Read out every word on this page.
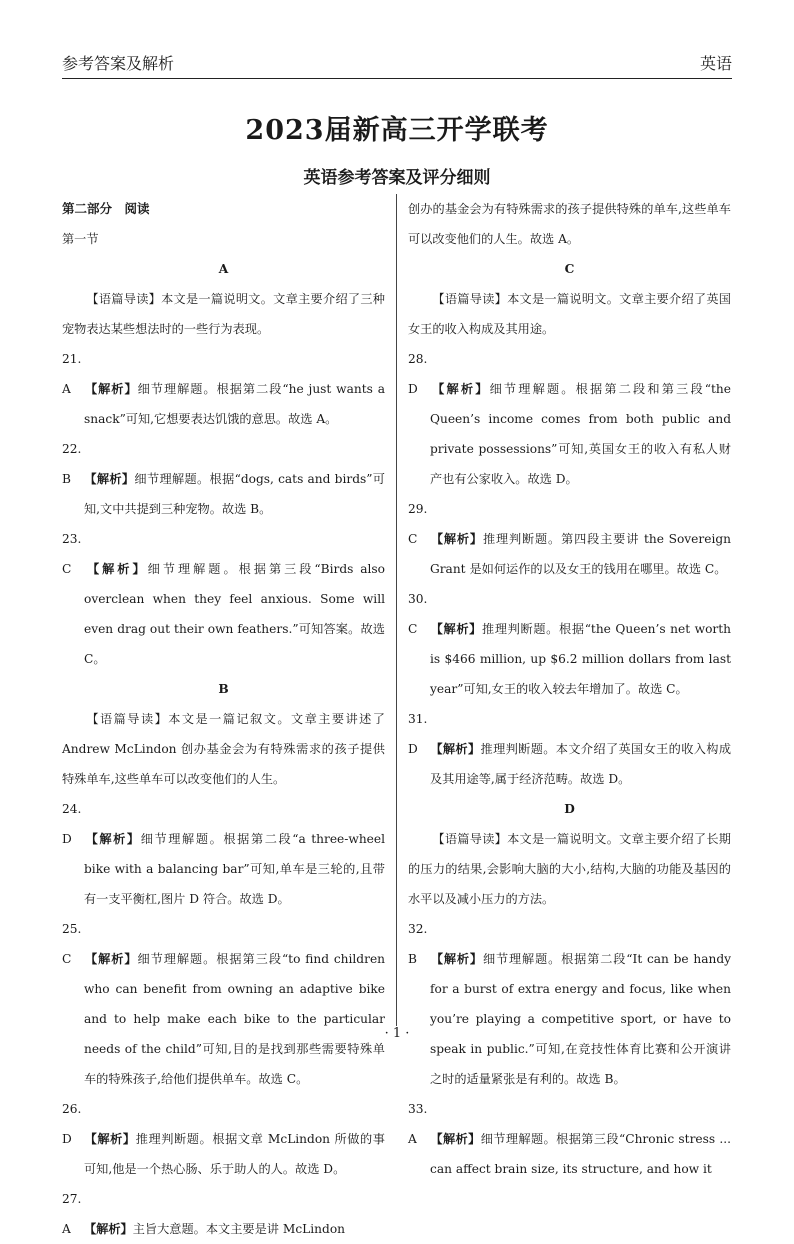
参考答案及解析	英语
2023届新高三开学联考
英语参考答案及评分细则

第二部分　阅读

第一节

A

【语篇导读】本文是一篇说明文。文章主要介绍了三种宠物表达某些想法时的一些行为表现。

21. A 【解析】细节理解题。根据第二段“he just wants a snack”可知,它想要表达饥饿的意思。故选 A。

22. B 【解析】细节理解题。根据“dogs, cats and birds”可知,文中共提到三种宠物。故选 B。

23. C 【解析】细节理解题。根据第三段“Birds also overclean when they feel anxious. Some will even drag out their own feathers.”可知答案。故选 C。

B

【语篇导读】本文是一篇记叙文。文章主要讲述了 Andrew McLindon 创办基金会为有特殊需求的孩子提供特殊单车,这些单车可以改变他们的人生。

24. D 【解析】细节理解题。根据第二段“a three-wheel bike with a balancing bar”可知,单车是三轮的,且带有一支平衡杠,图片 D 符合。故选 D。

25. C 【解析】细节理解题。根据第三段“to find children who can benefit from owning an adaptive bike and to help make each bike to the particular needs of the child”可知,目的是找到那些需要特殊单车的特殊孩子,给他们提供单车。故选 C。

26. D 【解析】推理判断题。根据文章 McLindon 所做的事可知,他是一个热心肠、乐于助人的人。故选 D。

27. A 【解析】主旨大意题。本文主要是讲 McLindon

创办的基金会为有特殊需求的孩子提供特殊的单车,这些单车可以改变他们的人生。故选 A。

C

【语篇导读】本文是一篇说明文。文章主要介绍了英国女王的收入构成及其用途。

28. D 【解析】细节理解题。根据第二段和第三段“the Queen’s income comes from both public and private possessions”可知,英国女王的收入有私人财产也有公家收入。故选 D。

29. C 【解析】推理判断题。第四段主要讲 the Sovereign Grant 是如何运作的以及女王的钱用在哪里。故选 C。

30. C 【解析】推理判断题。根据“the Queen’s net worth is $466 million, up $6.2 million dollars from last year”可知,女王的收入较去年增加了。故选 C。

31. D 【解析】推理判断题。本文介绍了英国女王的收入构成及其用途等,属于经济范畴。故选 D。

D

【语篇导读】本文是一篇说明文。文章主要介绍了长期的压力的结果,会影响大脑的大小,结构,大脑的功能及基因的水平以及减小压力的方法。

32. B 【解析】细节理解题。根据第二段“It can be handy for a burst of extra energy and focus, like when you’re playing a competitive sport, or have to speak in public.”可知,在竞技性体育比赛和公开演讲之时的适量紧张是有利的。故选 B。

33. A 【解析】细节理解题。根据第三段“Chronic stress ... can affect brain size, its structure, and how it

· 1 ·
